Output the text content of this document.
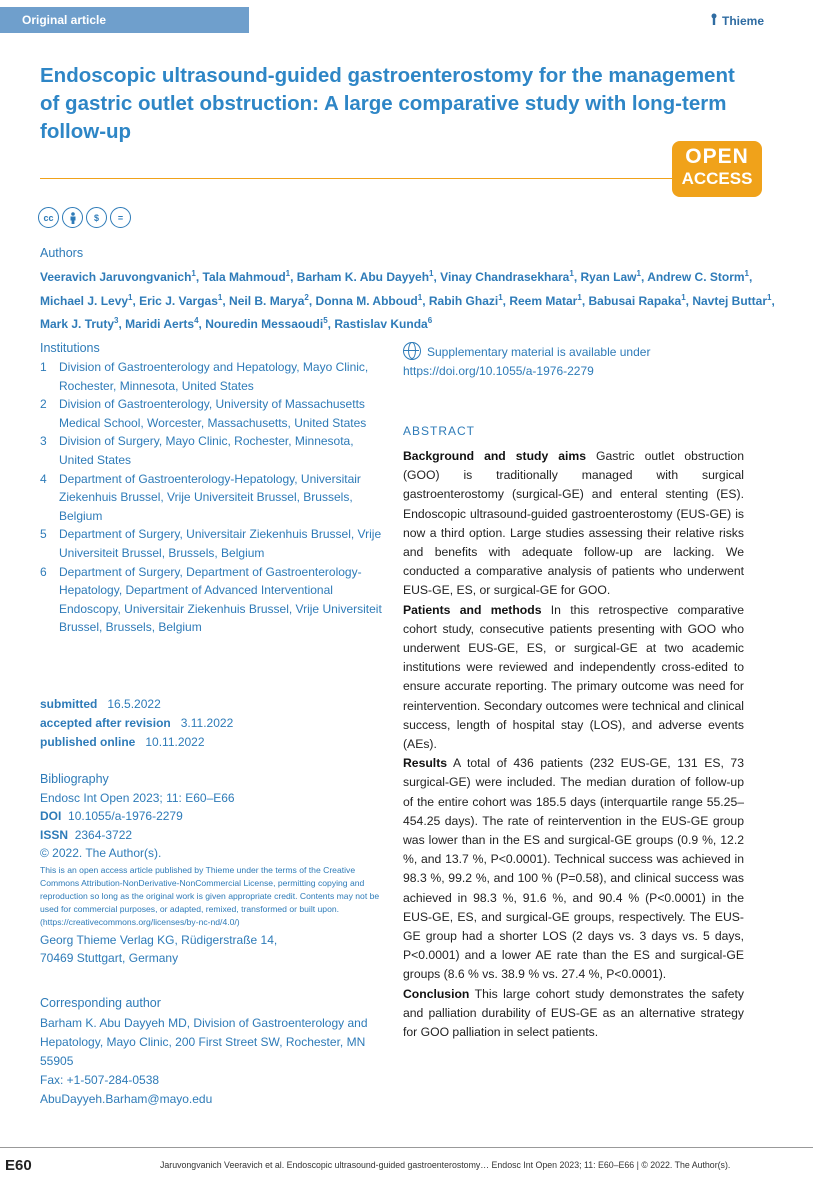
Original article	Thieme
Endoscopic ultrasound-guided gastroenterostomy for the management of gastric outlet obstruction: A large comparative study with long-term follow-up
OPEN
ACCESS
cc	$	=
Authors
Veeravich Jaruvongvanich$^1$, Tala Mahmoud$^1$, Barham K. Abu Dayyeh$^1$, Vinay Chandrasekhara$^1$, Ryan Law$^1$, Andrew C. Storm$^1$, Michael J. Levy$^1$, Eric J. Vargas$^1$, Neil B. Marya$^2$, Donna M. Abboud$^1$, Rabih Ghazi$^1$, Reem Matar$^1$, Babusai Rapaka$^1$, Navtej Buttar$^1$, Mark J. Truty$^3$, Maridi Aerts$^4$, Nouredin Messaoudi$^5$, Rastislav Kunda$^6$
Institutions
1	Division of Gastroenterology and Hepatology, Mayo Clinic, Rochester, Minnesota, United States
2	Division of Gastroenterology, University of Massachusetts Medical School, Worcester, Massachusetts, United States
3	Division of Surgery, Mayo Clinic, Rochester, Minnesota, United States
4	Department of Gastroenterology-Hepatology, Universitair Ziekenhuis Brussel, Vrije Universiteit Brussel, Brussels, Belgium
5	Department of Surgery, Universitair Ziekenhuis Brussel, Vrije Universiteit Brussel, Brussels, Belgium
6	Department of Surgery, Department of Gastroenterology-Hepatology, Department of Advanced Interventional Endoscopy, Universitair Ziekenhuis Brussel, Vrije Universiteit Brussel, Brussels, Belgium
submitted 16.5.2022
accepted after revision 3.11.2022
published online 10.11.2022
Bibliography
Endosc Int Open 2023; 11: E60–E66
DOI 10.1055/a-1976-2279
ISSN 2364-3722
© 2022. The Author(s).
This is an open access article published by Thieme under the terms of the Creative Commons Attribution-NonDerivative-NonCommercial License, permitting copying and reproduction so long as the original work is given appropriate credit. Contents may not be used for commercial purposes, or adapted, remixed, transformed or built upon. (https://creativecommons.org/licenses/by-nc-nd/4.0/)
Georg Thieme Verlag KG, Rüdigerstraße 14,
70469 Stuttgart, Germany
Corresponding author
Barham K. Abu Dayyeh MD, Division of Gastroenterology and Hepatology, Mayo Clinic, 200 First Street SW, Rochester, MN 55905
Fax: +1-507-284-0538
AbuDayyeh.Barham@mayo.edu
Supplementary material is available under
https://doi.org/10.1055/a-1976-2279
ABSTRACT

Background and study aims Gastric outlet obstruction (GOO) is traditionally managed with surgical gastroenterostomy (surgical-GE) and enteral stenting (ES). Endoscopic ultrasound-guided gastroenterostomy (EUS-GE) is now a third option. Large studies assessing their relative risks and benefits with adequate follow-up are lacking. We conducted a comparative analysis of patients who underwent EUS-GE, ES, or surgical-GE for GOO.

Patients and methods In this retrospective comparative cohort study, consecutive patients presenting with GOO who underwent EUS-GE, ES, or surgical-GE at two academic institutions were reviewed and independently cross-edited to ensure accurate reporting. The primary outcome was need for reintervention. Secondary outcomes were technical and clinical success, length of hospital stay (LOS), and adverse events (AEs).

Results A total of 436 patients (232 EUS-GE, 131 ES, 73 surgical-GE) were included. The median duration of follow-up of the entire cohort was 185.5 days (interquartile range 55.25–454.25 days). The rate of reintervention in the EUS-GE group was lower than in the ES and surgical-GE groups (0.9 %, 12.2 %, and 13.7 %, P<0.0001). Technical success was achieved in 98.3 %, 99.2 %, and 100 % (P=0.58), and clinical success was achieved in 98.3 %, 91.6 %, and 90.4 % (P<0.0001) in the EUS-GE, ES, and surgical-GE groups, respectively. The EUS-GE group had a shorter LOS (2 days vs. 3 days vs. 5 days, P<0.0001) and a lower AE rate than the ES and surgical-GE groups (8.6 % vs. 38.9 % vs. 27.4 %, P<0.0001).

Conclusion This large cohort study demonstrates the safety and palliation durability of EUS-GE as an alternative strategy for GOO palliation in select patients.

E60	Jaruvongvanich Veeravich et al. Endoscopic ultrasound-guided gastroenterostomy… Endosc Int Open 2023; 11: E60–E66 | © 2022. The Author(s).
